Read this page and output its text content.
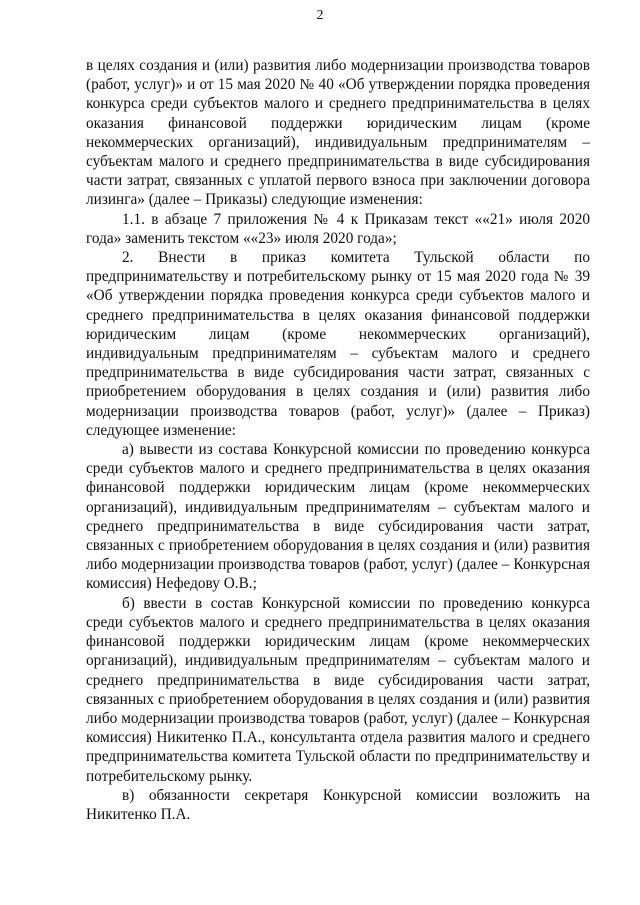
2

в целях создания и (или) развития либо модернизации производства товаров (работ, услуг)» и от 15 мая 2020 № 40 «Об утверждении порядка проведения конкурса среди субъектов малого и среднего предпринимательства в целях оказания финансовой поддержки юридическим лицам (кроме некоммерческих организаций), индивидуальным предпринимателям – субъектам малого и среднего предпринимательства в виде субсидирования части затрат, связанных с уплатой первого взноса при заключении договора лизинга» (далее – Приказы) следующие изменения:

1.1. в абзаце 7 приложения № 4 к Приказам текст ««21» июля 2020 года» заменить текстом ««23» июля 2020 года»;

2. Внести в приказ комитета Тульской области по предпринимательству и потребительскому рынку от 15 мая 2020 года № 39 «Об утверждении порядка проведения конкурса среди субъектов малого и среднего предпринимательства в целях оказания финансовой поддержки юридическим лицам (кроме некоммерческих организаций), индивидуальным предпринимателям – субъектам малого и среднего предпринимательства в виде субсидирования части затрат, связанных с приобретением оборудования в целях создания и (или) развития либо модернизации производства товаров (работ, услуг)» (далее – Приказ) следующее изменение:

а) вывести из состава Конкурсной комиссии по проведению конкурса среди субъектов малого и среднего предпринимательства в целях оказания финансовой поддержки юридическим лицам (кроме некоммерческих организаций), индивидуальным предпринимателям – субъектам малого и среднего предпринимательства в виде субсидирования части затрат, связанных с приобретением оборудования в целях создания и (или) развития либо модернизации производства товаров (работ, услуг) (далее – Конкурсная комиссия) Нефедову О.В.;

б) ввести в состав Конкурсной комиссии по проведению конкурса среди субъектов малого и среднего предпринимательства в целях оказания финансовой поддержки юридическим лицам (кроме некоммерческих организаций), индивидуальным предпринимателям – субъектам малого и среднего предпринимательства в виде субсидирования части затрат, связанных с приобретением оборудования в целях создания и (или) развития либо модернизации производства товаров (работ, услуг) (далее – Конкурсная комиссия) Никитенко П.А., консультанта отдела развития малого и среднего предпринимательства комитета Тульской области по предпринимательству и потребительскому рынку.

в) обязанности секретаря Конкурсной комиссии возложить на Никитенко П.А.
